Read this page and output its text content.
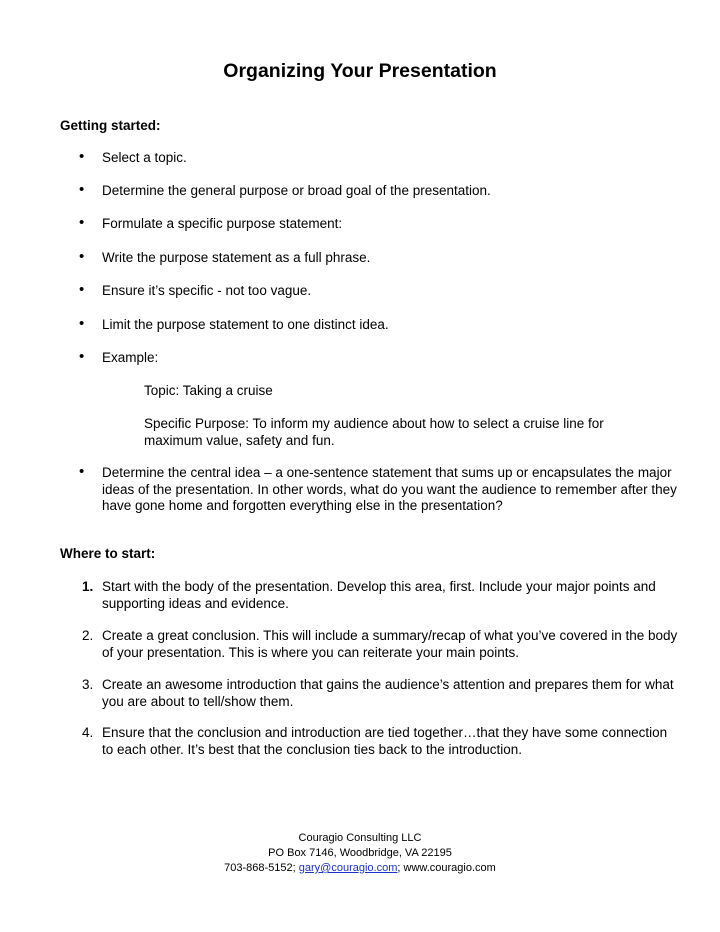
Organizing Your Presentation
Getting started:
• Select a topic.
• Determine the general purpose or broad goal of the presentation.
• Formulate a specific purpose statement:
• Write the purpose statement as a full phrase.
• Ensure it’s specific - not too vague.
• Limit the purpose statement to one distinct idea.
• Example:
Topic: Taking a cruise
Specific Purpose: To inform my audience about how to select a cruise line for maximum value, safety and fun.
• Determine the central idea – a one-sentence statement that sums up or encapsulates the major ideas of the presentation. In other words, what do you want the audience to remember after they have gone home and forgotten everything else in the presentation?
Where to start:
1. Start with the body of the presentation. Develop this area, first. Include your major points and supporting ideas and evidence.
2. Create a great conclusion. This will include a summary/recap of what you’ve covered in the body of your presentation. This is where you can reiterate your main points.
3. Create an awesome introduction that gains the audience’s attention and prepares them for what you are about to tell/show them.
4. Ensure that the conclusion and introduction are tied together…that they have some connection to each other. It’s best that the conclusion ties back to the introduction.
Couragio Consulting LLC
PO Box 7146, Woodbridge, VA 22195
703-868-5152; gary@couragio.com; www.couragio.com
